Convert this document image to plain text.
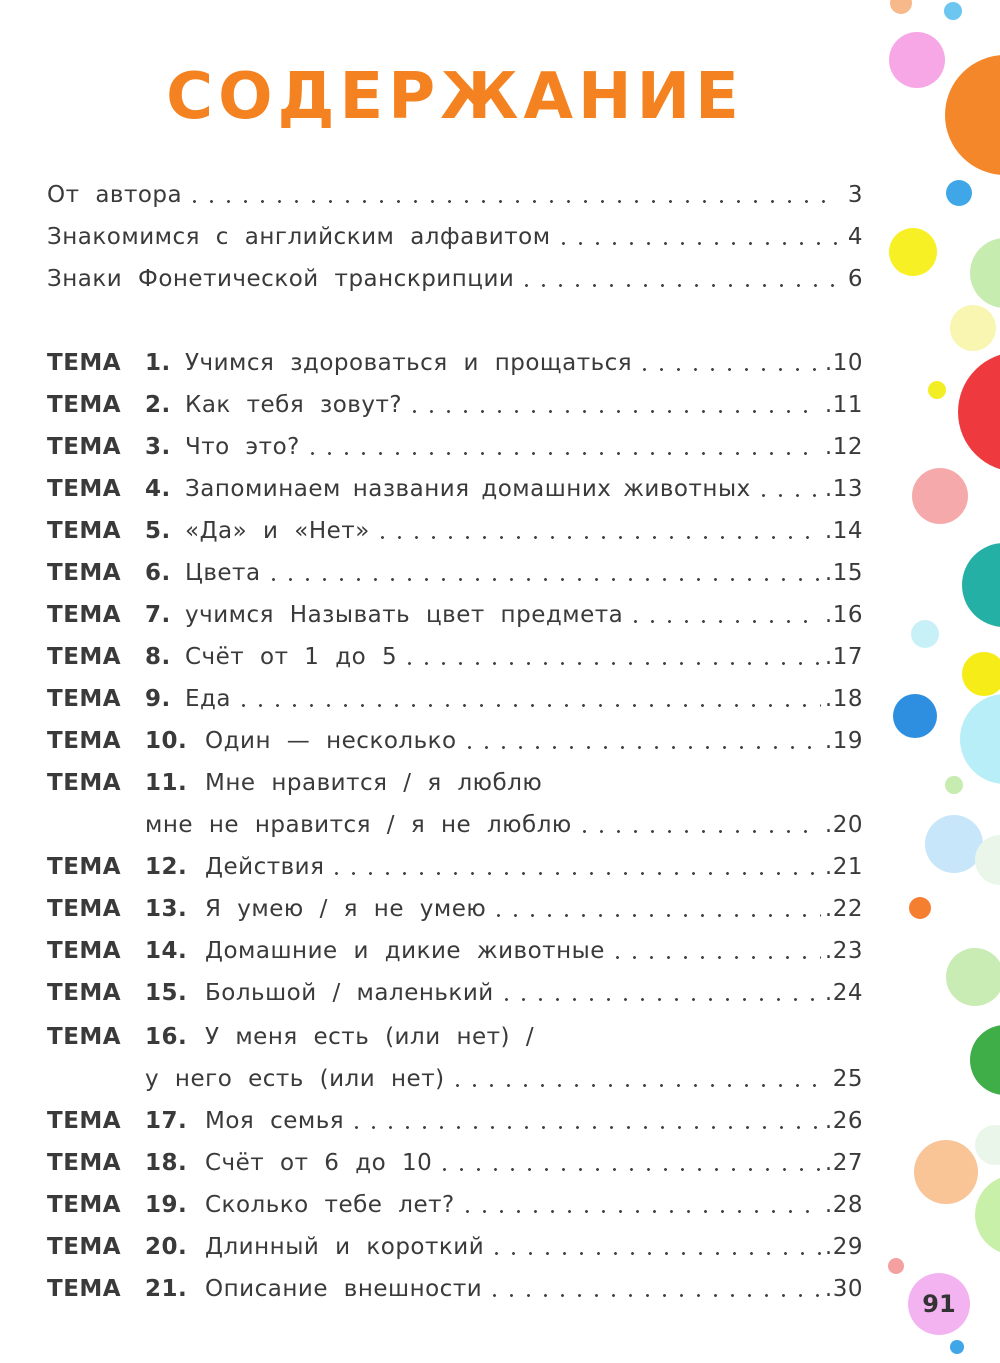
СОДЕРЖАНИЕ
От автора	3
Знакомимся с английским алфавитом	4
Знаки Фонетической транскрипции	6
ТЕМА	1. Учимся здороваться и прощаться	.10
ТЕМА	2. Как тебя зовут?	.11
ТЕМА	3. Что это?	.12
ТЕМА	4. Запоминаем названия домашних животных	.13
ТЕМА	5. «Да» и «Нет»	.14
ТЕМА	6. Цвета	.15
ТЕМА	7. учимся Называть цвет предмета	.16
ТЕМА	8. Счёт от 1 до 5	.17
ТЕМА	9. Еда	.18
ТЕМА	10. Один — несколько	.19
ТЕМА	11. Мне нравится / я люблю
мне не нравится / я не люблю	.20
ТЕМА	12. Действия	.21
ТЕМА	13. Я умею / я не умею	.22
ТЕМА	14. Домашние и дикие животные	.23
ТЕМА	15. Большой / маленький	.24
ТЕМА	16. У меня есть (или нет) /
у него есть (или нет)	25
ТЕМА	17. Моя семья	.26
ТЕМА	18. Счёт от 6 до 10	.27
ТЕМА	19. Сколько тебе лет?	.28
ТЕМА	20. Длинный и короткий	.29
ТЕМА	21. Описание внешности	.30
91
